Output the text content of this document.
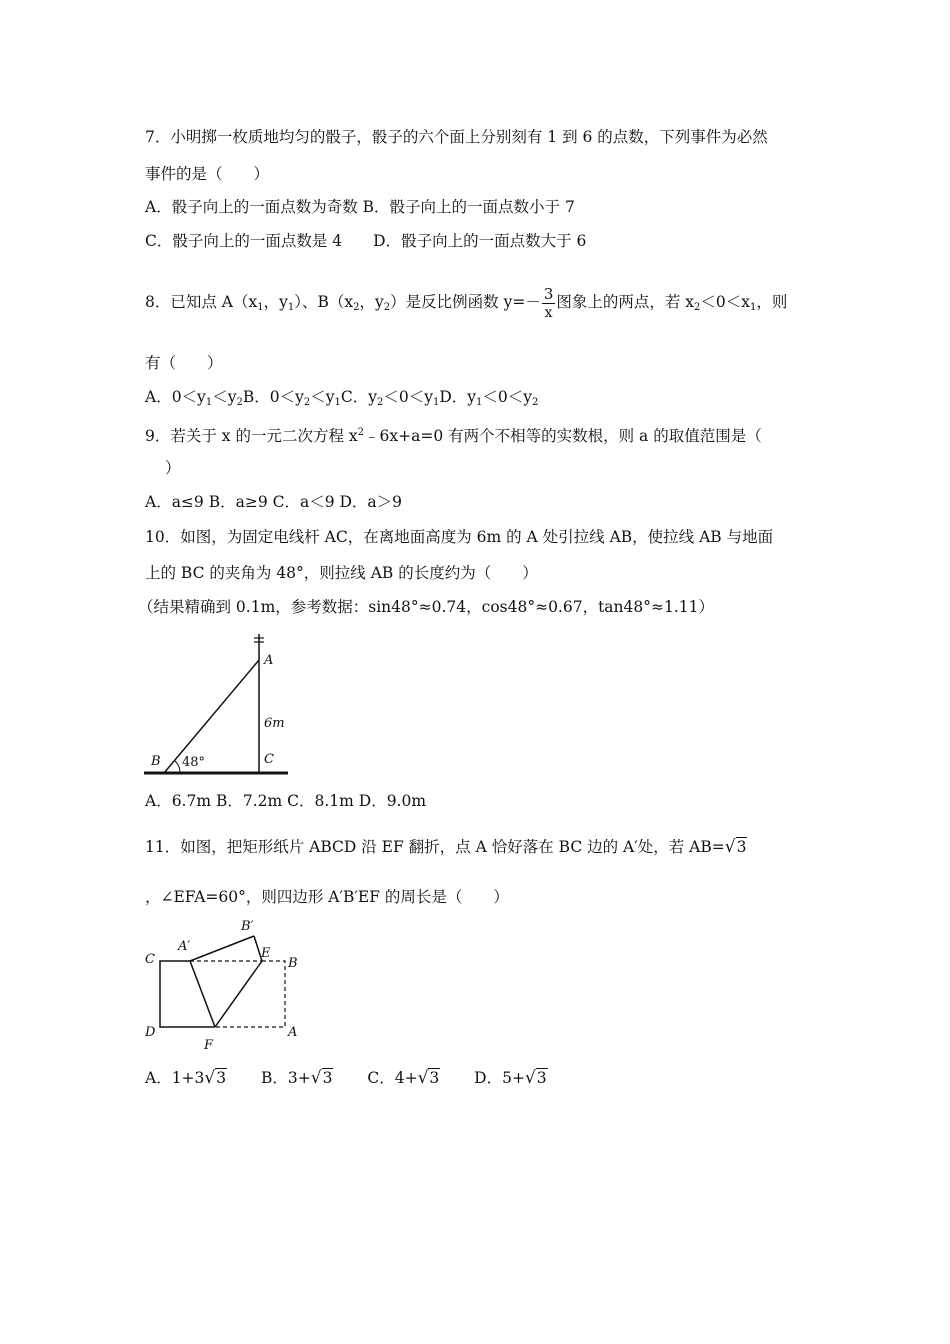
7．小明掷一枚质地均匀的骰子，骰子的六个面上分别刻有 1 到 6 的点数，下列事件为必然
事件的是（　　）
A．骰子向上的一面点数为奇数 B．骰子向上的一面点数小于 7
C．骰子向上的一面点数是 4　　D．骰子向上的一面点数大于 6
8．已知点 $A(x_1$，$y_1$）、$B(x_2$，$y_2$）是反比例函数 $y=- \frac{3}{x}$ 图象上的两点，若 $x_2<0<x_1$，则
有（　　）
A．$0<y_1<y_2B$．$0<y_2<y_1C$．$y_2<0<y_1D$．$y_1<0<y_2$
9．若关于 x 的一元二次方程 $x^2﹣6x+a=0$ 有两个不相等的实数根，则 a 的取值范围是（
）
A．a≤9 B．a≥9 C．a＜9 D．a＞9
10．如图，为固定电线杆 AC，在离地面高度为 6m 的 A 处引拉线 AB，使拉线 AB 与地面
上的 BC 的夹角为 48°，则拉线 AB 的长度约为（　　）
（结果精确到 0.1m，参考数据：sin48°≈0.74，cos48°≈0.67，tan48°≈1.11）
A
B	C
6m
48°
A．6.7m B．7.2m C．8.1m D．9.0m
11．如图，把矩形纸片 ABCD 沿 EF 翻折，点 A 恰好落在 BC 边的 A′处，若 AB=√3
，∠EFA=60°，则四边形 A′B′EF 的周长是（　　）
C
D
F
A
B
E
A′
B′
A．1+3√3 B．3+√3 C．4+√3 D．5+√3
